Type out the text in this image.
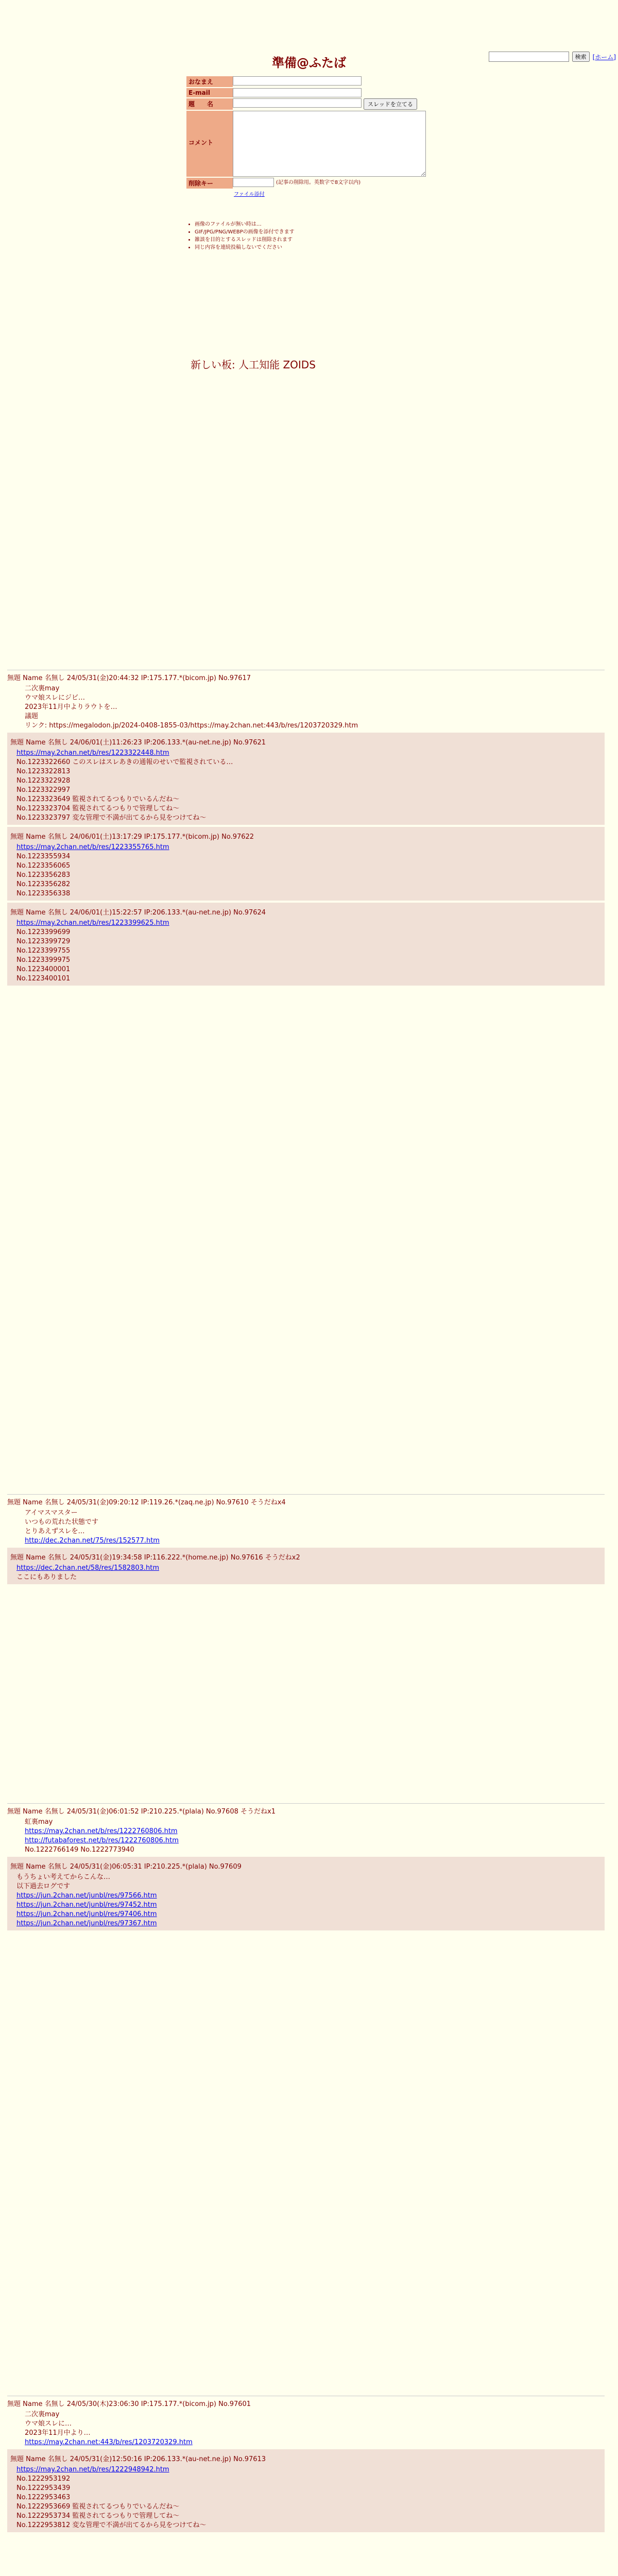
検索	[ホーム]
準備@ふたば
おなまえ
E-mail
題　　名	スレッドを立てる
コメント
削除キー	(記事の削除用。英数字で8文字以内)
ファイル添付
• 画像のファイルが無い時は…
• GIF/JPG/PNG/WEBPの画像を添付できます
• 雑談を目的とするスレッドは削除されます
• 同じ内容を連続投稿しないでください
新しい板: 人工知能 ZOIDS
無題 Name 名無し 24/05/31(金)20:44:32 IP:175.177.*(bicom.jp) No.97617
二次裏may
ウマ娘スレにジビ…
2023年11月中よりラウトを…
議題
リンク: https://megalodon.jp/2024-0408-1855-03/https://may.2chan.net:443/b/res/1203720329.htm
無題 Name 名無し 24/06/01(土)11:26:23 IP:206.133.*(au-net.ne.jp) No.97621
https://may.2chan.net/b/res/1223322448.htm
No.1223322660 このスレはスレあきの通報のせいで監視されている…
No.1223322813
No.1223322928
No.1223322997
No.1223323649 監視されてるつもりでいるんだね～
No.1223323704 監視されてるつもりで管理してね～
No.1223323797 変な管理で不満が出てるから見をつけてね～
無題 Name 名無し 24/06/01(土)13:17:29 IP:175.177.*(bicom.jp) No.97622
https://may.2chan.net/b/res/1223355765.htm
No.1223355934
No.1223356065
No.1223356283
No.1223356282
No.1223356338
無題 Name 名無し 24/06/01(土)15:22:57 IP:206.133.*(au-net.ne.jp) No.97624
https://may.2chan.net/b/res/1223399625.htm
No.1223399699
No.1223399729
No.1223399755
No.1223399975
No.1223400001
No.1223400101
無題 Name 名無し 24/05/31(金)09:20:12 IP:119.26.*(zaq.ne.jp) No.97610 そうだねx4
アイマスマスター
いつもの荒れた状態です
とりあえずスレを…
http://dec.2chan.net/75/res/152577.htm
無題 Name 名無し 24/05/31(金)19:34:58 IP:116.222.*(home.ne.jp) No.97616 そうだねx2
https://dec.2chan.net/58/res/1582803.htm
ここにもありました
無題 Name 名無し 24/05/31(金)06:01:52 IP:210.225.*(plala) No.97608 そうだねx1
虹裏may
https://may.2chan.net/b/res/1222760806.htm
http://futabaforest.net/b/res/1222760806.htm
No.1222766149 No.1222773940
無題 Name 名無し 24/05/31(金)06:05:31 IP:210.225.*(plala) No.97609
もうちょい考えてからこんな…
以下過去ログです
https://jun.2chan.net/junbl/res/97566.htm
https://jun.2chan.net/junbl/res/97452.htm
https://jun.2chan.net/junbl/res/97406.htm
https://jun.2chan.net/junbl/res/97367.htm
無題 Name 名無し 24/05/30(木)23:06:30 IP:175.177.*(bicom.jp) No.97601
二次裏may
ウマ娘スレに…
2023年11月中より…
https://may.2chan.net:443/b/res/1203720329.htm
無題 Name 名無し 24/05/31(金)12:50:16 IP:206.133.*(au-net.ne.jp) No.97613
https://may.2chan.net/b/res/1222948942.htm
No.1222953192
No.1222953439
No.1222953463
No.1222953669 監視されてるつもりでいるんだね～
No.1222953734 監視されてるつもりで管理してね～
No.1222953812 変な管理で不満が出てるから見をつけてね～
